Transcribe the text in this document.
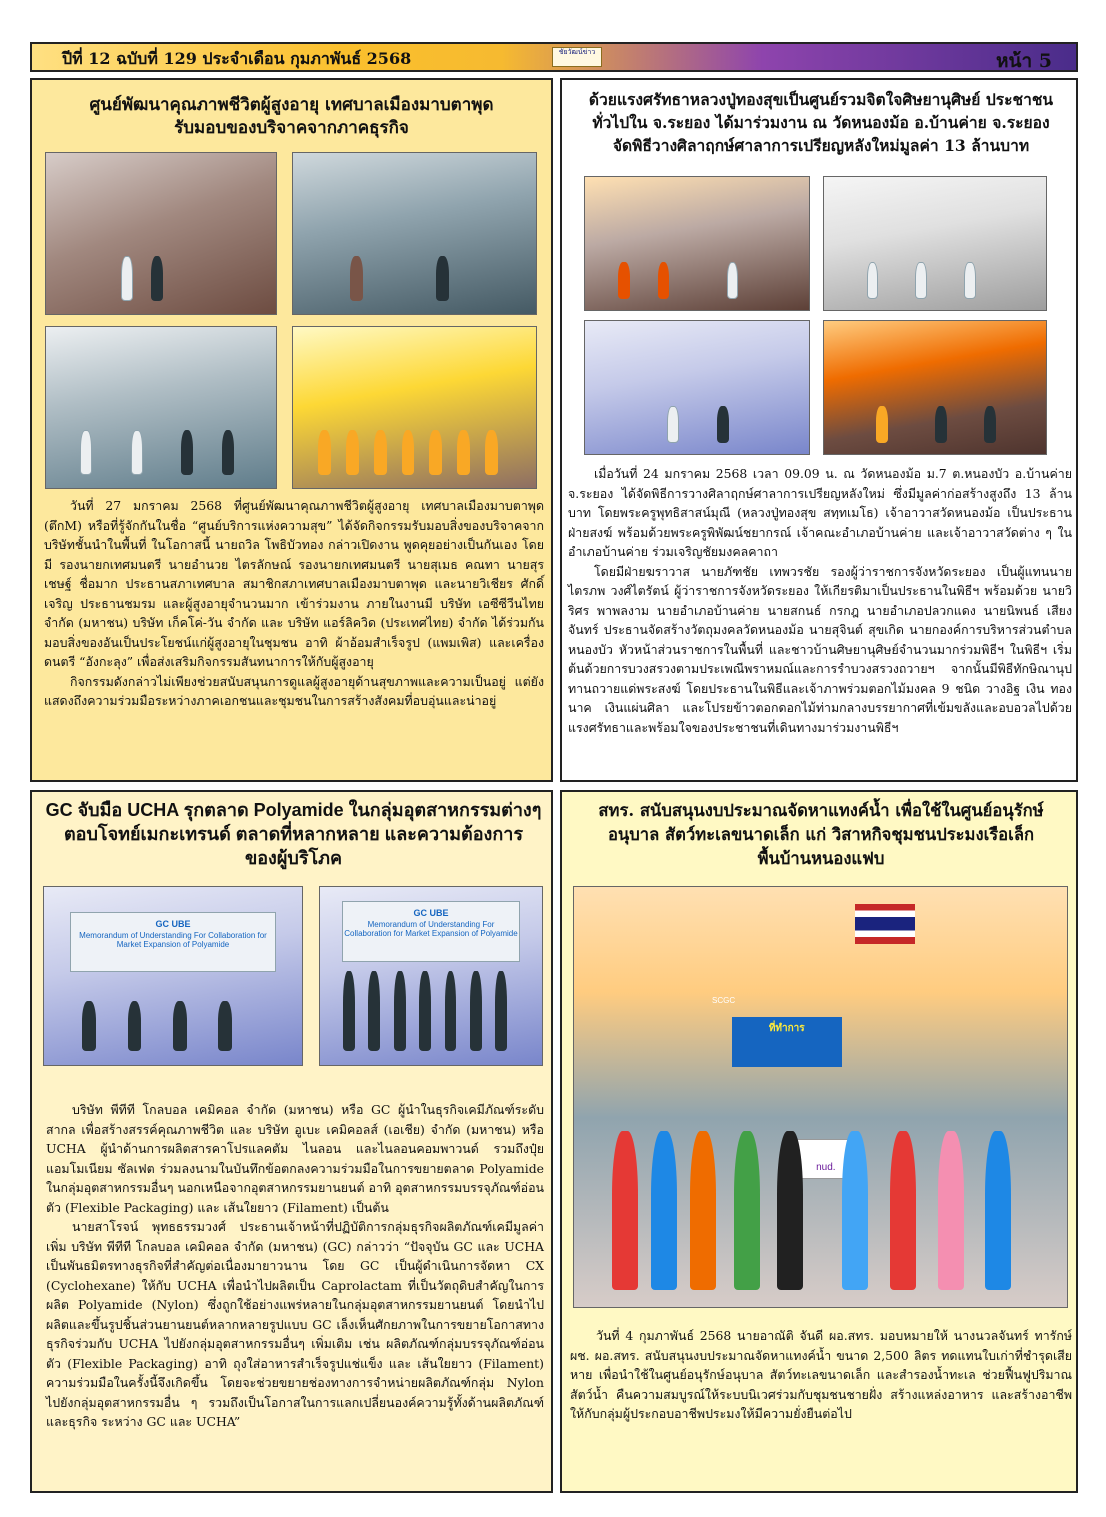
ปีที่ 12 ฉบับที่ 129 ประจำเดือน กุมภาพันธ์ 2568	ชัยวัฒน์ข่าว	หน้า 5
ศูนย์พัฒนาคุณภาพชีวิตผู้สูงอายุ เทศบาลเมืองมาบตาพุด
รับมอบของบริจาคจากภาคธุรกิจ

วันที่ 27 มกราคม 2568 ที่ศูนย์พัฒนาคุณภาพชีวิตผู้สูงอายุ เทศบาลเมืองมาบตาพุด (ตึกM) หรือที่รู้จักกันในชื่อ “ศูนย์บริการแห่งความสุข” ได้จัดกิจกรรมรับมอบสิ่งของบริจาคจากบริษัทชั้นนำในพื้นที่ ในโอกาสนี้ นายถวิล โพธิบัวทอง กล่าวเปิดงาน พูดคุยอย่างเป็นกันเอง โดยมี รองนายกเทศมนตรี นายอำนวย ไตรลักษณ์ รองนายกเทศมนตรี นายสุเมธ คณทา นายสุรเชษฐ์ ชื่อมาก ประธานสภาเทศบาล สมาชิกสภาเทศบาลเมืองมาบตาพุด และนายวิเชียร ศักดิ์เจริญ ประธานชมรม และผู้สูงอายุจำนวนมาก เข้าร่วมงาน ภายในงานมี บริษัท เอซีซีวีนไทย จำกัด (มหาชน) บริษัท เก็คโค่-วัน จำกัด และ บริษัท แอร์ลิควิด (ประเทศไทย) จำกัด ได้ร่วมกันมอบสิ่งของอันเป็นประโยชน์แก่ผู้สูงอายุในชุมชน อาทิ ผ้าอ้อมสำเร็จรูป (แพมเพิส) และเครื่องดนตรี “อังกะลุง” เพื่อส่งเสริมกิจกรรมสันทนาการให้กับผู้สูงอายุ

กิจกรรมดังกล่าวไม่เพียงช่วยสนับสนุนการดูแลผู้สูงอายุด้านสุขภาพและความเป็นอยู่ แต่ยังแสดงถึงความร่วมมือระหว่างภาคเอกชนและชุมชนในการสร้างสังคมที่อบอุ่นและน่าอยู่

ด้วยแรงศรัทธาหลวงปู่ทองสุขเป็นศูนย์รวมจิตใจศิษยานุศิษย์ ประชาชน
ทั่วไปใน จ.ระยอง ได้มาร่วมงาน ณ วัดหนองม้อ อ.บ้านค่าย จ.ระยอง
จัดพิธีวางศิลาฤกษ์ศาลาการเปรียญหลังใหม่มูลค่า 13 ล้านบาท

เมื่อวันที่ 24 มกราคม 2568 เวลา 09.09 น. ณ วัดหนองม้อ ม.7 ต.หนองบัว อ.บ้านค่าย จ.ระยอง ได้จัดพิธีการวางศิลาฤกษ์ศาลาการเปรียญหลังใหม่ ซึ่งมีมูลค่าก่อสร้างสูงถึง 13 ล้านบาท โดยพระครูพุทธิสาสน์มุณี (หลวงปู่ทองสุข สทฺทเมโธ) เจ้าอาวาสวัดหนองม้อ เป็นประธานฝ่ายสงฆ์ พร้อมด้วยพระครูพิพัฒน์ชยากรณ์ เจ้าคณะอำเภอบ้านค่าย และเจ้าอาวาสวัดต่าง ๆ ในอำเภอบ้านค่าย ร่วมเจริญชัยมงคลคาถา

โดยมีฝ่ายฆราวาส นายภัฑชัย เทพวรชัย รองผู้ว่าราชการจังหวัดระยอง เป็นผู้แทนนายไตรภพ วงศ์ไตรัตน์ ผู้ว่าราชการจังหวัดระยอง ให้เกียรติมาเป็นประธานในพิธีฯ พร้อมด้วย นายวิริศร พาพลงาม นายอำเภอบ้านค่าย นายสกนธ์ กรกฎ นายอำเภอปลวกแดง นายนิพนธ์ เสียงจันทร์ ประธานจัดสร้างวัตถุมงคลวัดหนองม้อ นายสุจินต์ สุขเกิด นายกองค์การบริหารส่วนตำบลหนองบัว หัวหน้าส่วนราชการในพื้นที่ และชาวบ้านศิษยานุศิษย์จำนวนมากร่วมพิธีฯ ในพิธีฯ เริ่มต้นด้วยการบวงสรวงตามประเพณีพราหมณ์และการรำบวงสรวงถวายฯ จากนั้นมีพิธีทักษิณานุปทานถวายแด่พระสงฆ์ โดยประธานในพิธีและเจ้าภาพร่วมตอกไม้มงคล 9 ชนิด วางอิฐ เงิน ทอง นาค เงินแผ่นศิลา และโปรยข้าวตอกดอกไม้ท่ามกลางบรรยากาศที่เข้มขลังและอบอวลไปด้วยแรงศรัทธาและพร้อมใจของประชาชนที่เดินทางมาร่วมงานพิธีฯ

GC จับมือ UCHA รุกตลาด Polyamide ในกลุ่มอุตสาหกรรมต่างๆ
ตอบโจทย์เมกะเทรนด์ ตลาดที่หลากหลาย และความต้องการ
ของผู้บริโภค
GC UBE
Memorandum of Understanding For Collaboration for Market Expansion of Polyamide
GC UBE
Memorandum of Understanding For Collaboration for Market Expansion of Polyamide

บริษัท พีทีที โกลบอล เคมิคอล จำกัด (มหาชน) หรือ GC ผู้นำในธุรกิจเคมีภัณฑ์ระดับสากล เพื่อสร้างสรรค์คุณภาพชีวิต และ บริษัท อูเบะ เคมิคอลส์ (เอเชีย) จำกัด (มหาชน) หรือ UCHA ผู้นำด้านการผลิตสารคาโปรแลคตัม ไนลอน และไนลอนคอมพาวนด์ รวมถึงปุ๋ยแอมโมเนียม ซัลเฟต ร่วมลงนามในบันทึกข้อตกลงความร่วมมือในการขยายตลาด Polyamide ในกลุ่มอุตสาหกรรมอื่นๆ นอกเหนือจากอุตสาหกรรมยานยนต์ อาทิ อุตสาหกรรมบรรจุภัณฑ์อ่อนตัว (Flexible Packaging) และ เส้นใยยาว (Filament) เป็นต้น

นายสาโรจน์ พุทธธรรมวงศ์ ประธานเจ้าหน้าที่ปฏิบัติการกลุ่มธุรกิจผลิตภัณฑ์เคมีมูลค่าเพิ่ม บริษัท พีทีที โกลบอล เคมิคอล จำกัด (มหาชน) (GC) กล่าวว่า “ปัจจุบัน GC และ UCHA เป็นพันธมิตรทางธุรกิจที่สำคัญต่อเนื่องมายาวนาน โดย GC เป็นผู้ดำเนินการจัดหา CX (Cyclohexane) ให้กับ UCHA เพื่อนำไปผลิตเป็น Caprolactam ที่เป็นวัตถุดิบสำคัญในการผลิต Polyamide (Nylon) ซึ่งถูกใช้อย่างแพร่หลายในกลุ่มอุตสาหกรรมยานยนต์ โดยนำไปผลิตและขึ้นรูปชิ้นส่วนยานยนต์หลากหลายรูปแบบ GC เล็งเห็นศักยภาพในการขยายโอกาสทางธุรกิจร่วมกับ UCHA ไปยังกลุ่มอุตสาหกรรมอื่นๆ เพิ่มเติม เช่น ผลิตภัณฑ์กลุ่มบรรจุภัณฑ์อ่อนตัว (Flexible Packaging) อาทิ ถุงใส่อาหารสำเร็จรูปแช่แข็ง และ เส้นใยยาว (Filament) ความร่วมมือในครั้งนี้จึงเกิดขึ้น โดยจะช่วยขยายช่องทางการจำหน่ายผลิตภัณฑ์กลุ่ม Nylon ไปยังกลุ่มอุตสาหกรรมอื่น ๆ รวมถึงเป็นโอกาสในการแลกเปลี่ยนองค์ความรู้ทั้งด้านผลิตภัณฑ์และธุรกิจ ระหว่าง GC และ UCHA”

สทร. สนับสนุนงบประมาณจัดหาแทงค์น้ำ เพื่อใช้ในศูนย์อนุรักษ์
อนุบาล สัตว์ทะเลขนาดเล็ก แก่ วิสาหกิจชุมชนประมงเรือเล็ก
พื้นบ้านหนองแฟบ
ที่ทำการ
SCGC
nud.

วันที่ 4 กุมภาพันธ์ 2568 นายอาณัติ จันดี ผอ.สทร. มอบหมายให้ นางนวลจันทร์ ทารักษ์ ผช. ผอ.สทร. สนับสนุนงบประมาณจัดหาแทงค์น้ำ ขนาด 2,500 ลิตร ทดแทนใบเก่าที่ชำรุดเสียหาย เพื่อนำใช้ในศูนย์อนุรักษ์อนุบาล สัตว์ทะเลขนาดเล็ก และสำรองน้ำทะเล ช่วยฟื้นฟูปริมาณสัตว์น้ำ คืนความสมบูรณ์ให้ระบบนิเวศร่วมกับชุมชนชายฝั่ง สร้างแหล่งอาหาร และสร้างอาชีพ ให้กับกลุ่มผู้ประกอบอาชีพประมงให้มีความยั่งยืนต่อไป
